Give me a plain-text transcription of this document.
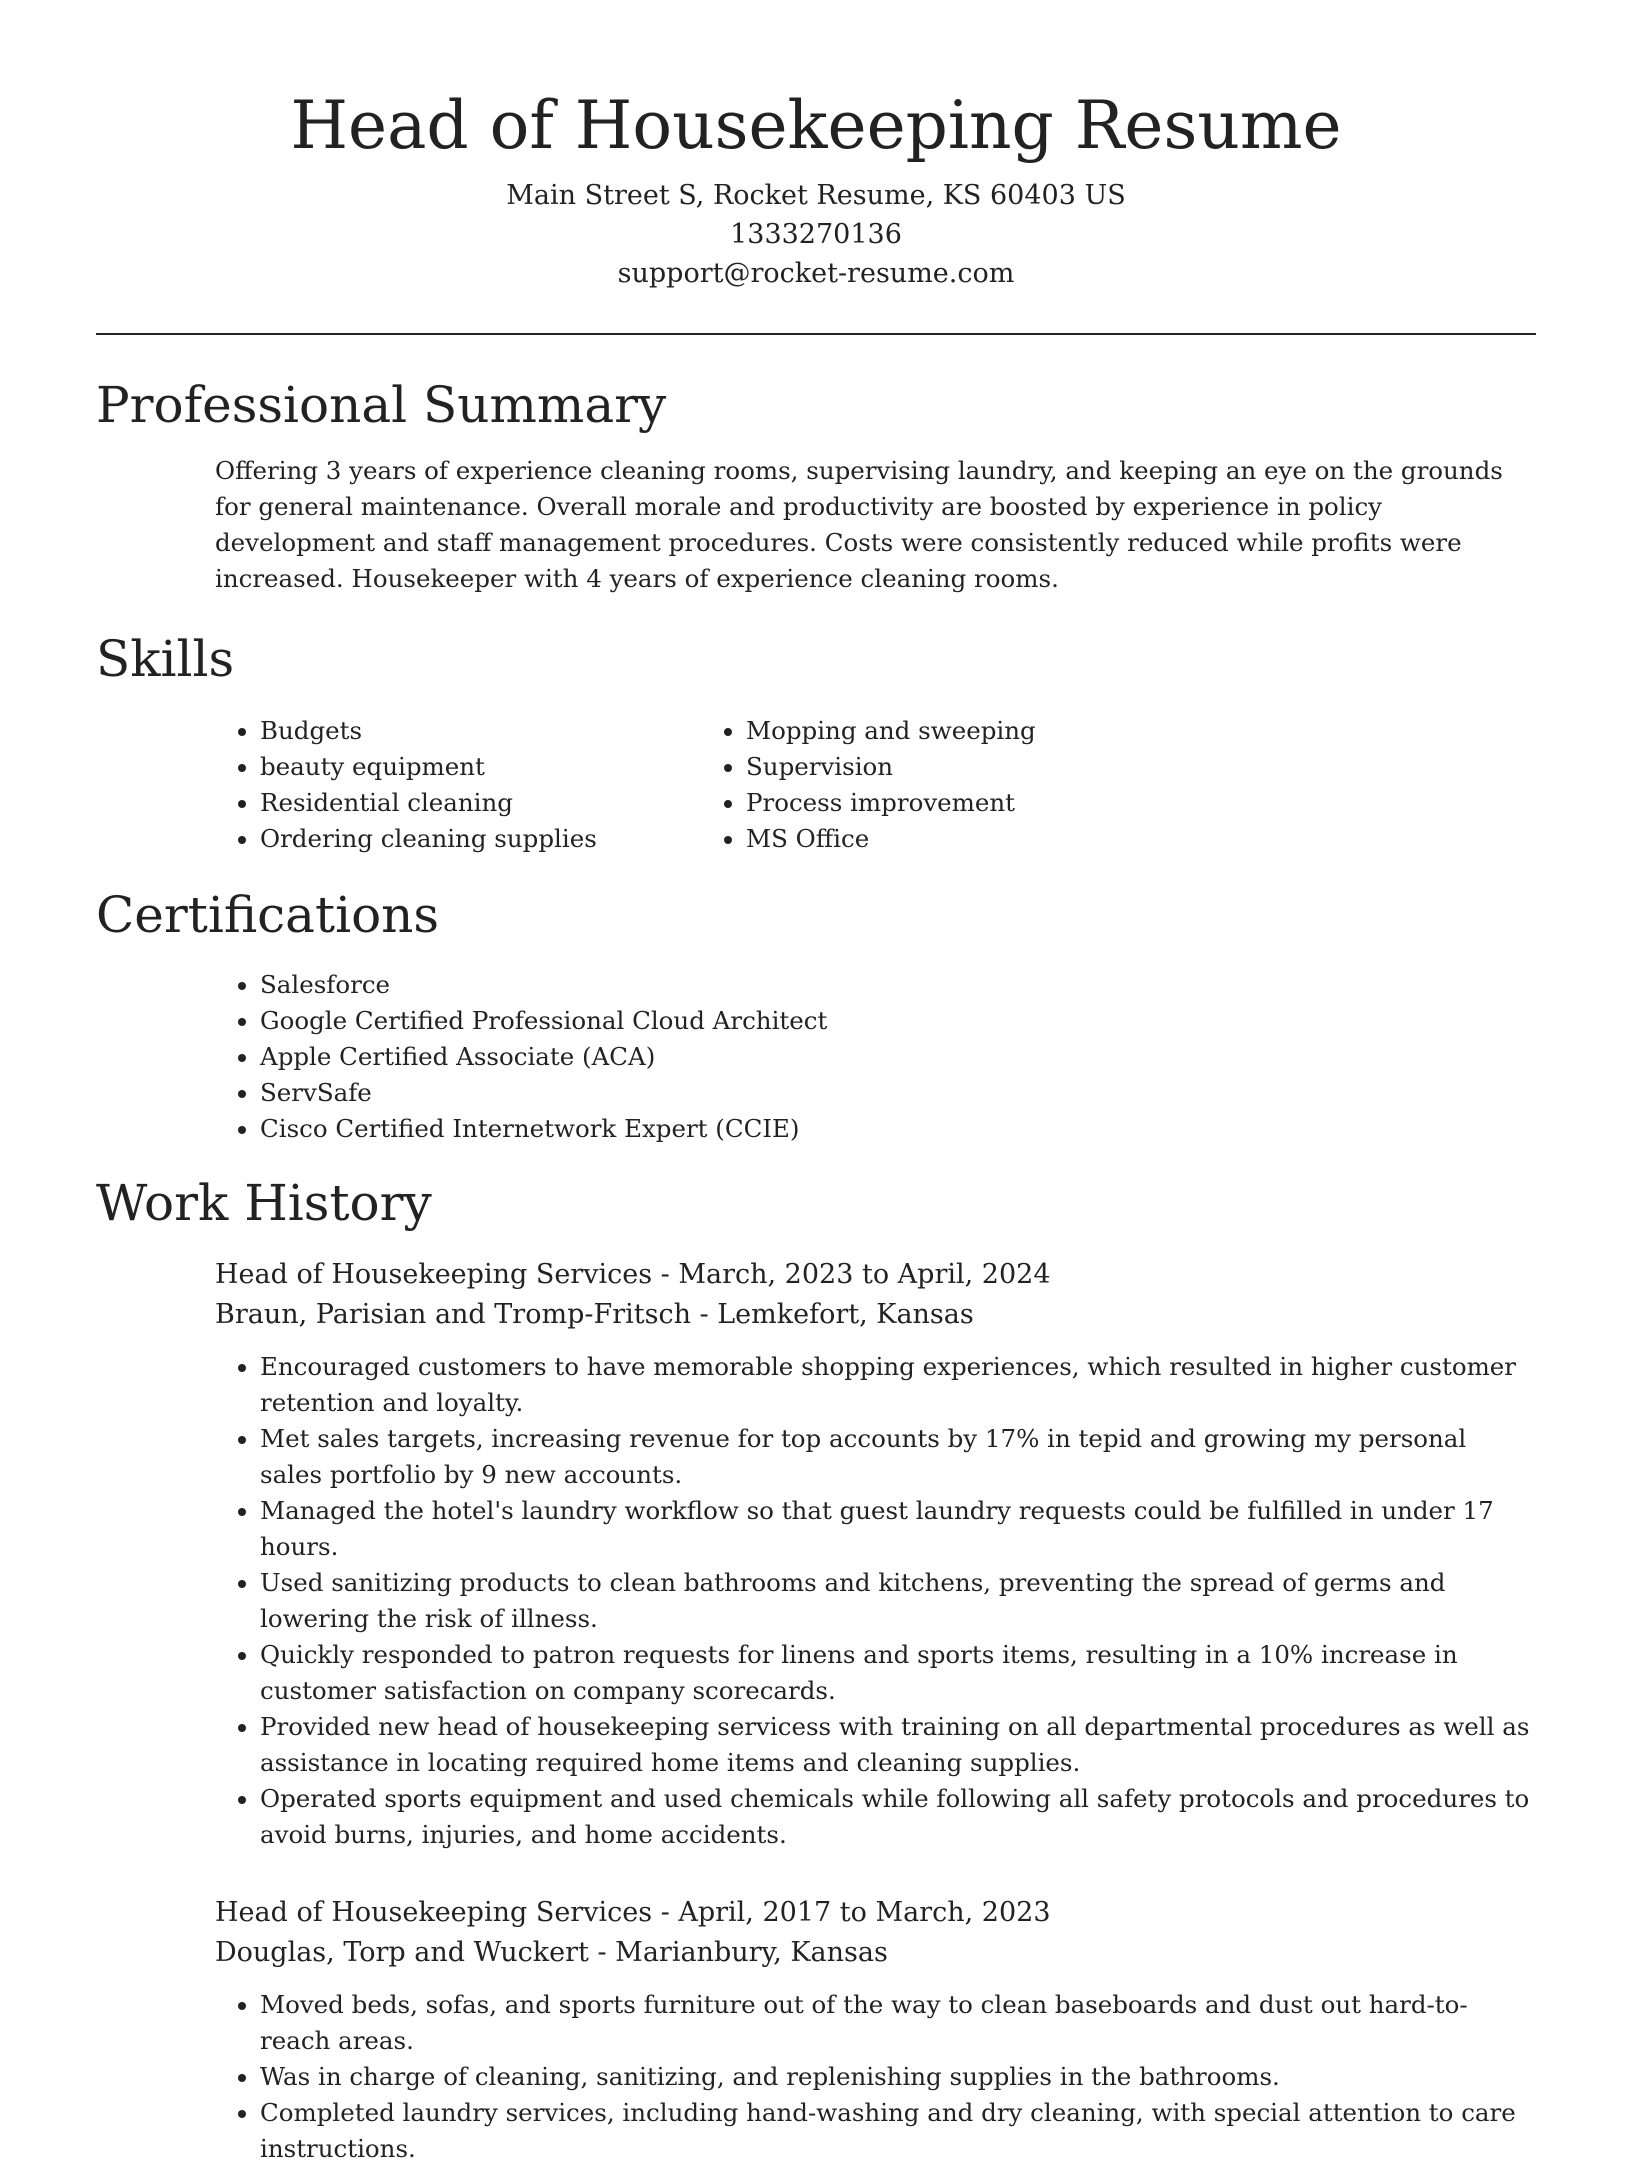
Head of Housekeeping Resume

Main Street S, Rocket Resume, KS 60403 US

1333270136

support@rocket-resume.com

Professional Summary

Offering 3 years of experience cleaning rooms, supervising laundry, and keeping an eye on the grounds for general maintenance. Overall morale and productivity are boosted by experience in policy development and staff management procedures. Costs were consistently reduced while profits were increased. Housekeeper with 4 years of experience cleaning rooms.

Skills
• Budgets
• beauty equipment
• Residential cleaning
• Ordering cleaning supplies
• Mopping and sweeping
• Supervision
• Process improvement
• MS Office
Certifications
• Salesforce
• Google Certified Professional Cloud Architect
• Apple Certified Associate (ACA)
• ServSafe
• Cisco Certified Internetwork Expert (CCIE)
Work History

Head of Housekeeping Services - March, 2023 to April, 2024

Braun, Parisian and Tromp-Fritsch - Lemkefort, Kansas

• Encouraged customers to have memorable shopping experiences, which resulted in higher customer retention and loyalty.
• Met sales targets, increasing revenue for top accounts by 17% in tepid and growing my personal sales portfolio by 9 new accounts.
• Managed the hotel's laundry workflow so that guest laundry requests could be fulfilled in under 17 hours.
• Used sanitizing products to clean bathrooms and kitchens, preventing the spread of germs and lowering the risk of illness.
• Quickly responded to patron requests for linens and sports items, resulting in a 10% increase in customer satisfaction on company scorecards.
• Provided new head of housekeeping servicess with training on all departmental procedures as well as assistance in locating required home items and cleaning supplies.
• Operated sports equipment and used chemicals while following all safety protocols and procedures to avoid burns, injuries, and home accidents.

Head of Housekeeping Services - April, 2017 to March, 2023

Douglas, Torp and Wuckert - Marianbury, Kansas

• Moved beds, sofas, and sports furniture out of the way to clean baseboards and dust out hard-to-reach areas.
• Was in charge of cleaning, sanitizing, and replenishing supplies in the bathrooms.
• Completed laundry services, including hand-washing and dry cleaning, with special attention to care instructions.
